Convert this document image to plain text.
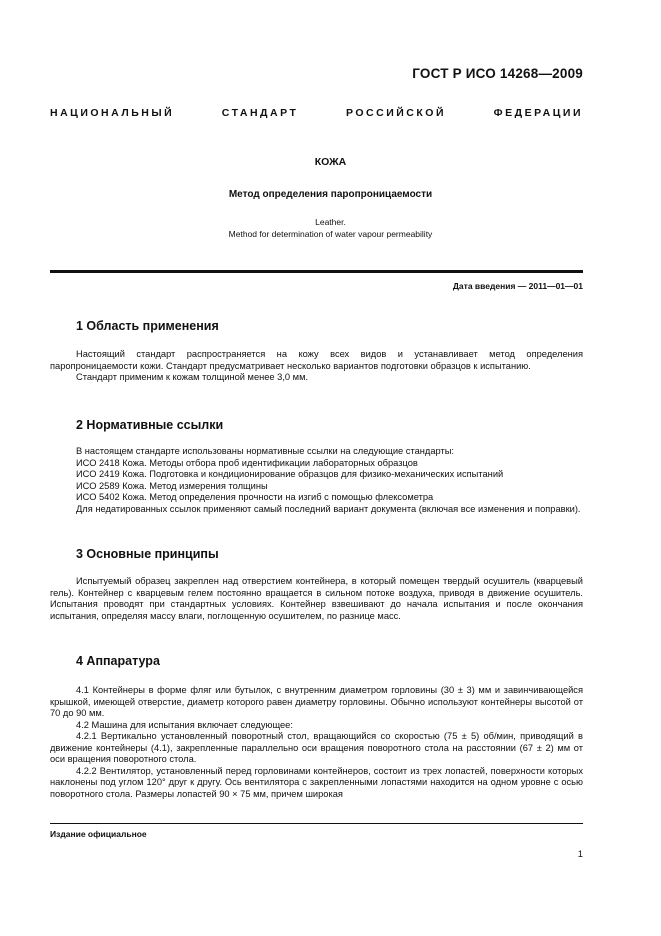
ГОСТ Р ИСО 14268—2009
НАЦИОНАЛЬНЫЙ СТАНДАРТ РОССИЙСКОЙ ФЕДЕРАЦИИ
КОЖА
Метод определения паропроницаемости
Leather.
Method for determination of water vapour permeability
Дата введения — 2011—01—01
1 Область применения
Настоящий стандарт распространяется на кожу всех видов и устанавливает метод определения паропроницаемости кожи. Стандарт предусматривает несколько вариантов подготовки образцов к испытанию.
Стандарт применим к кожам толщиной менее 3,0 мм.
2 Нормативные ссылки
В настоящем стандарте использованы нормативные ссылки на следующие стандарты:
ИСО 2418 Кожа. Методы отбора проб идентификации лабораторных образцов
ИСО 2419 Кожа. Подготовка и кондиционирование образцов для физико-механических испытаний
ИСО 2589 Кожа. Метод измерения толщины
ИСО 5402 Кожа. Метод определения прочности на изгиб с помощью флексометра
Для недатированных ссылок применяют самый последний вариант документа (включая все изменения и поправки).
3 Основные принципы
Испытуемый образец закреплен над отверстием контейнера, в который помещен твердый осушитель (кварцевый гель). Контейнер с кварцевым гелем постоянно вращается в сильном потоке воздуха, приводя в движение осушитель. Испытания проводят при стандартных условиях. Контейнер взвешивают до начала испытания и после окончания испытания, определяя массу влаги, поглощенную осушителем, по разнице масс.
4 Аппаратура
4.1 Контейнеры в форме фляг или бутылок, с внутренним диаметром горловины (30 ± 3) мм и завинчивающейся крышкой, имеющей отверстие, диаметр которого равен диаметру горловины. Обычно используют контейнеры высотой от 70 до 90 мм.
4.2 Машина для испытания включает следующее:
4.2.1 Вертикально установленный поворотный стол, вращающийся со скоростью (75 ± 5) об/мин, приводящий в движение контейнеры (4.1), закрепленные параллельно оси вращения поворотного стола на расстоянии (67 ± 2) мм от оси вращения поворотного стола.
4.2.2 Вентилятор, установленный перед горловинами контейнеров, состоит из трех лопастей, поверхности которых наклонены под углом 120° друг к другу. Ось вентилятора с закрепленными лопастями находится на одном уровне с осью поворотного стола. Размеры лопастей 90 × 75 мм, причем широкая
Издание официальное
1
